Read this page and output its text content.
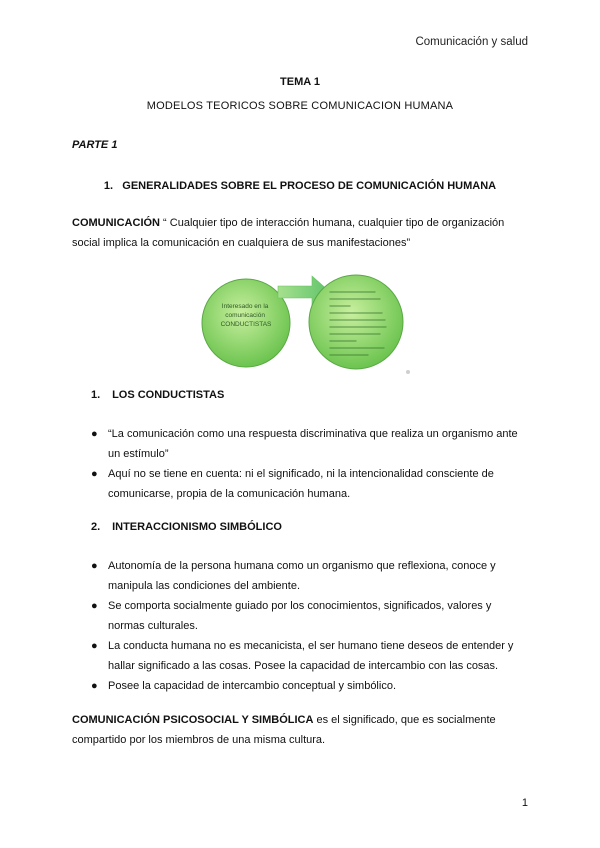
Comunicación y salud
TEMA 1
MODELOS TEORICOS SOBRE COMUNICACION HUMANA
PARTE 1
1. GENERALIDADES SOBRE EL PROCESO DE COMUNICACIÓN HUMANA
COMUNICACIÓN “ Cualquier tipo de interacción humana, cualquier tipo de organización social implica la comunicación en cualquiera de sus manifestaciones”
Interesado en la comunicación CONDUCTISTAS
1. LOS CONDUCTISTAS
● “La comunicación como una respuesta discriminativa que realiza un organismo ante un estímulo”
● Aquí no se tiene en cuenta: ni el significado, ni la intencionalidad consciente de comunicarse, propia de la comunicación humana.
2. INTERACCIONISMO SIMBÓLICO
● Autonomía de la persona humana como un organismo que reflexiona, conoce y manipula las condiciones del ambiente.
● Se comporta socialmente guiado por los conocimientos, significados, valores y normas culturales.
● La conducta humana no es mecanicista, el ser humano tiene deseos de entender y hallar significado a las cosas. Posee la capacidad de intercambio con las cosas.
● Posee la capacidad de intercambio conceptual y simbólico.
COMUNICACIÓN PSICOSOCIAL Y SIMBÓLICA es el significado, que es socialmente compartido por los miembros de una misma cultura.
1
